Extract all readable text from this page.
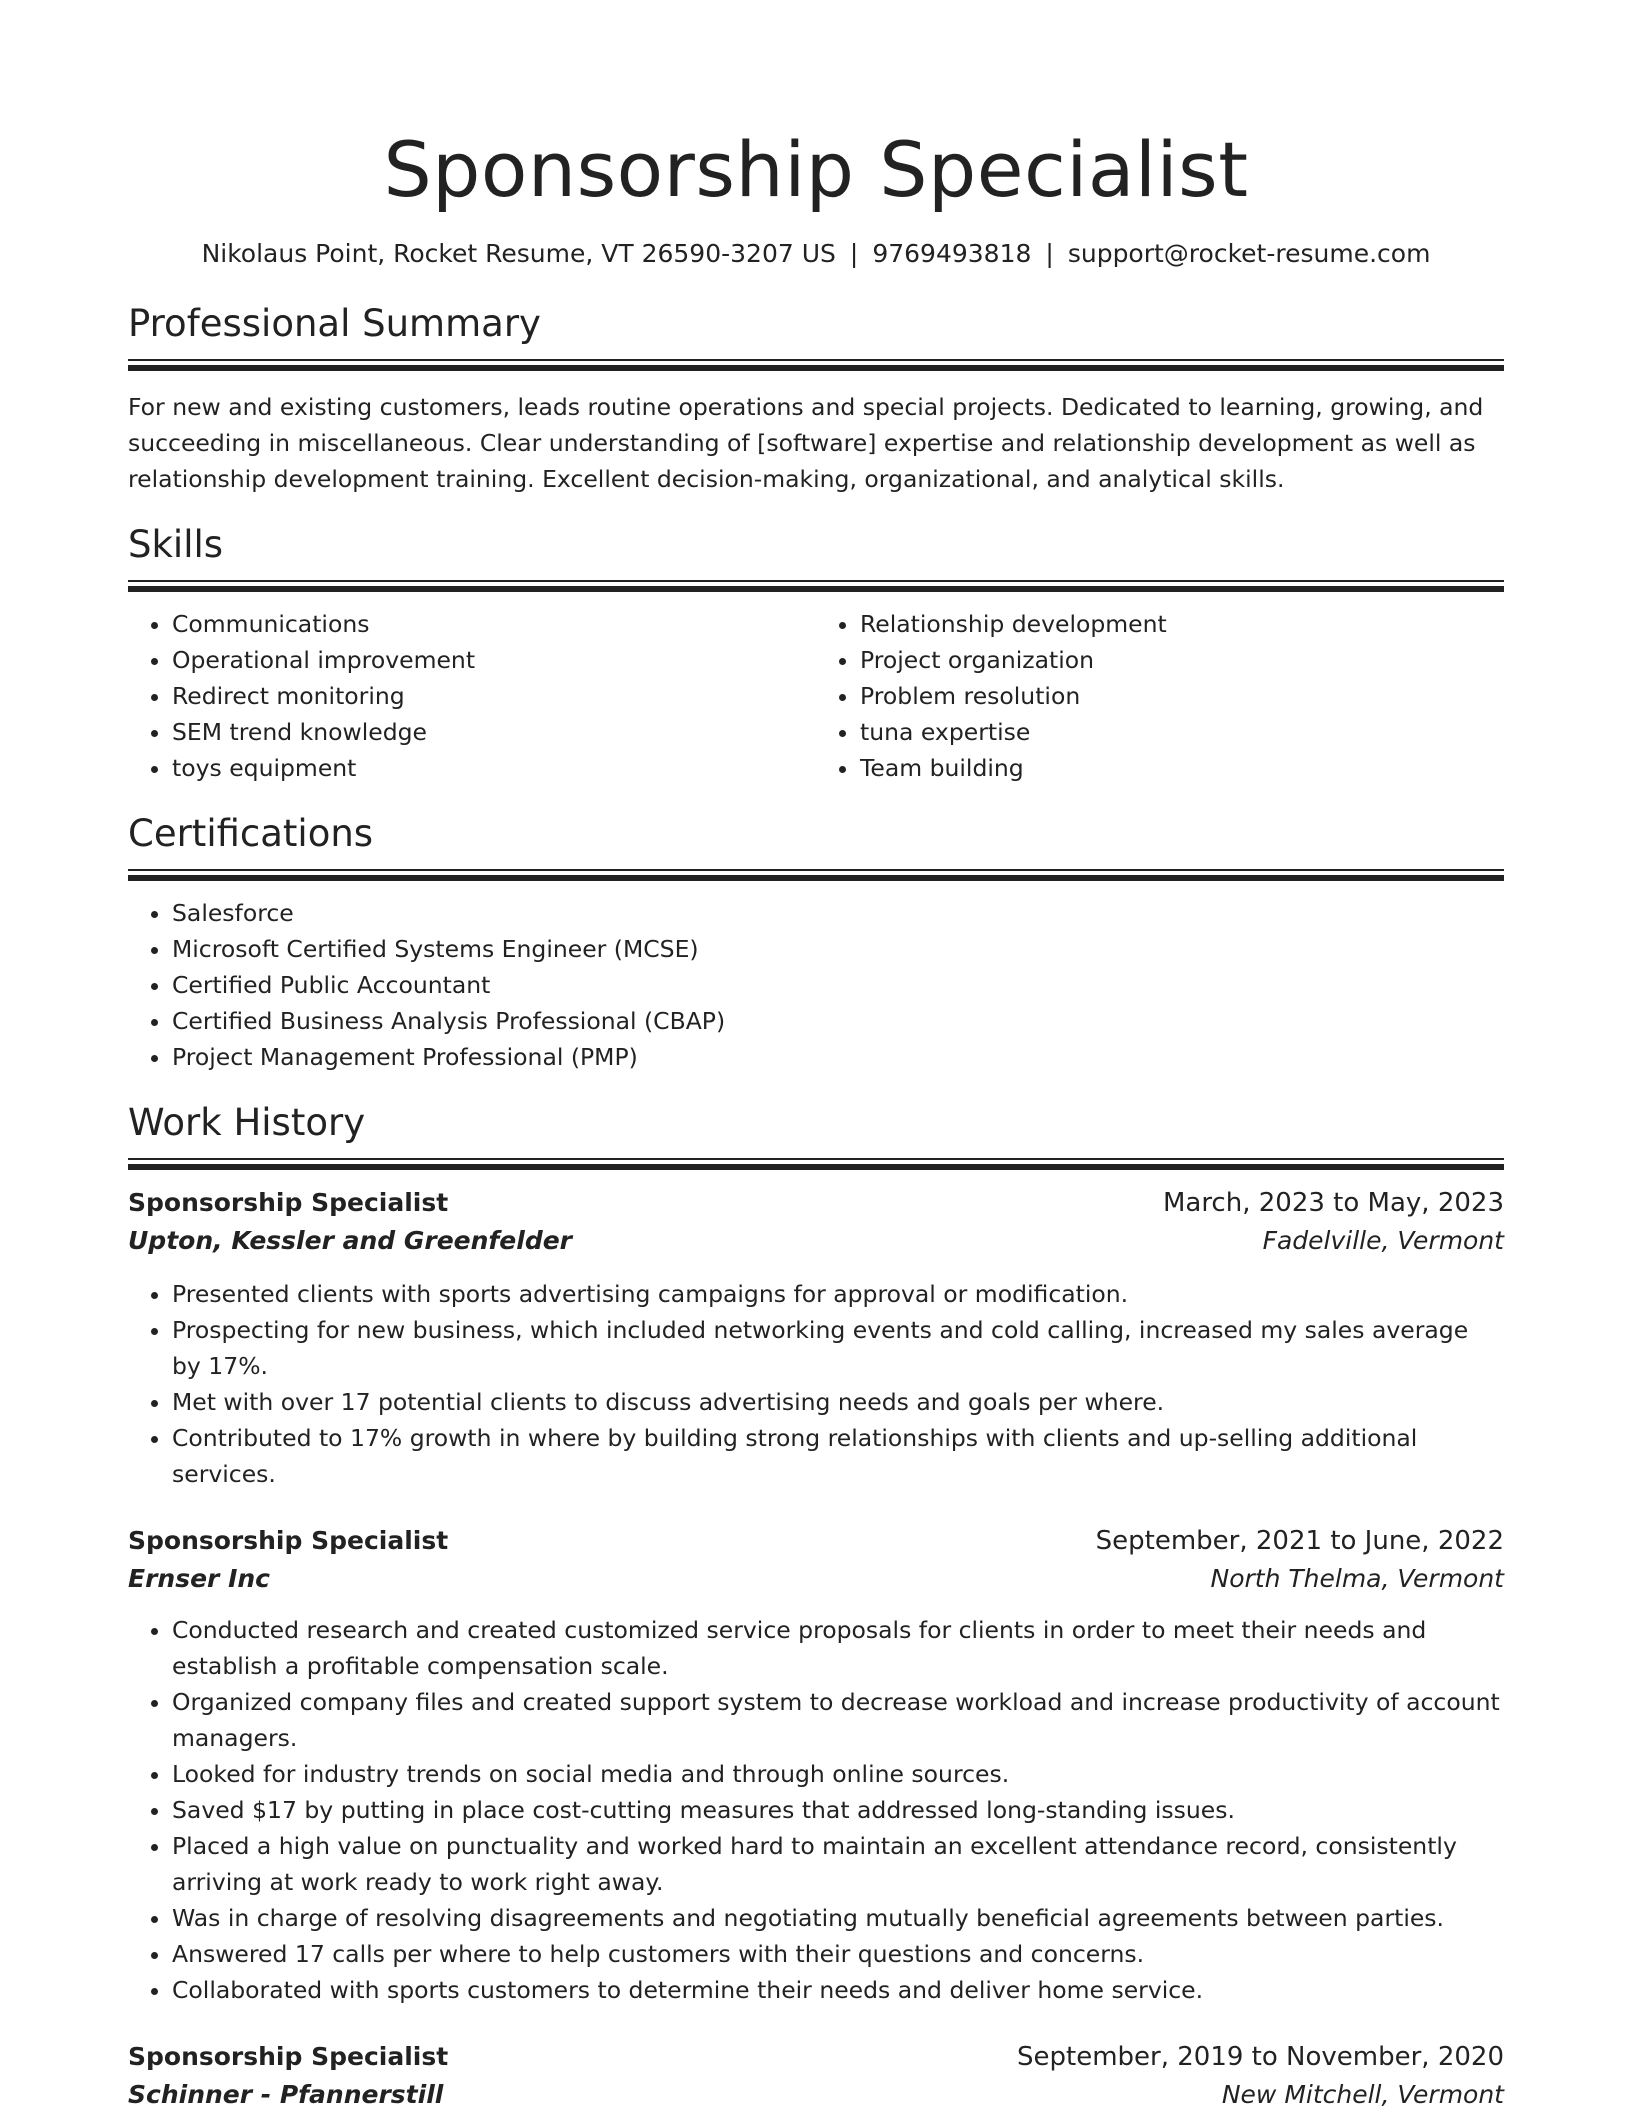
Sponsorship Specialist
Nikolaus Point, Rocket Resume, VT 26590-3207 US | 9769493818 | support@rocket-resume.com
Professional Summary

For new and existing customers, leads routine operations and special projects. Dedicated to learning, growing, and succeeding in miscellaneous. Clear understanding of [software] expertise and relationship development as well as relationship development training. Excellent decision-making, organizational, and analytical skills.

Skills
• Communications
• Operational improvement
• Redirect monitoring
• SEM trend knowledge
• toys equipment
• Relationship development
• Project organization
• Problem resolution
• tuna expertise
• Team building
Certifications
• Salesforce
• Microsoft Certified Systems Engineer (MCSE)
• Certified Public Accountant
• Certified Business Analysis Professional (CBAP)
• Project Management Professional (PMP)
Work History
Sponsorship Specialist	March, 2023 to May, 2023
Upton, Kessler and Greenfelder	Fadelville, Vermont
• Presented clients with sports advertising campaigns for approval or modification.
• Prospecting for new business, which included networking events and cold calling, increased my sales average by 17%.
• Met with over 17 potential clients to discuss advertising needs and goals per where.
• Contributed to 17% growth in where by building strong relationships with clients and up-selling additional services.
Sponsorship Specialist	September, 2021 to June, 2022
Ernser Inc	North Thelma, Vermont
• Conducted research and created customized service proposals for clients in order to meet their needs and establish a profitable compensation scale.
• Organized company files and created support system to decrease workload and increase productivity of account managers.
• Looked for industry trends on social media and through online sources.
• Saved $17 by putting in place cost-cutting measures that addressed long-standing issues.
• Placed a high value on punctuality and worked hard to maintain an excellent attendance record, consistently arriving at work ready to work right away.
• Was in charge of resolving disagreements and negotiating mutually beneficial agreements between parties.
• Answered 17 calls per where to help customers with their questions and concerns.
• Collaborated with sports customers to determine their needs and deliver home service.
Sponsorship Specialist	September, 2019 to November, 2020
Schinner - Pfannerstill	New Mitchell, Vermont
